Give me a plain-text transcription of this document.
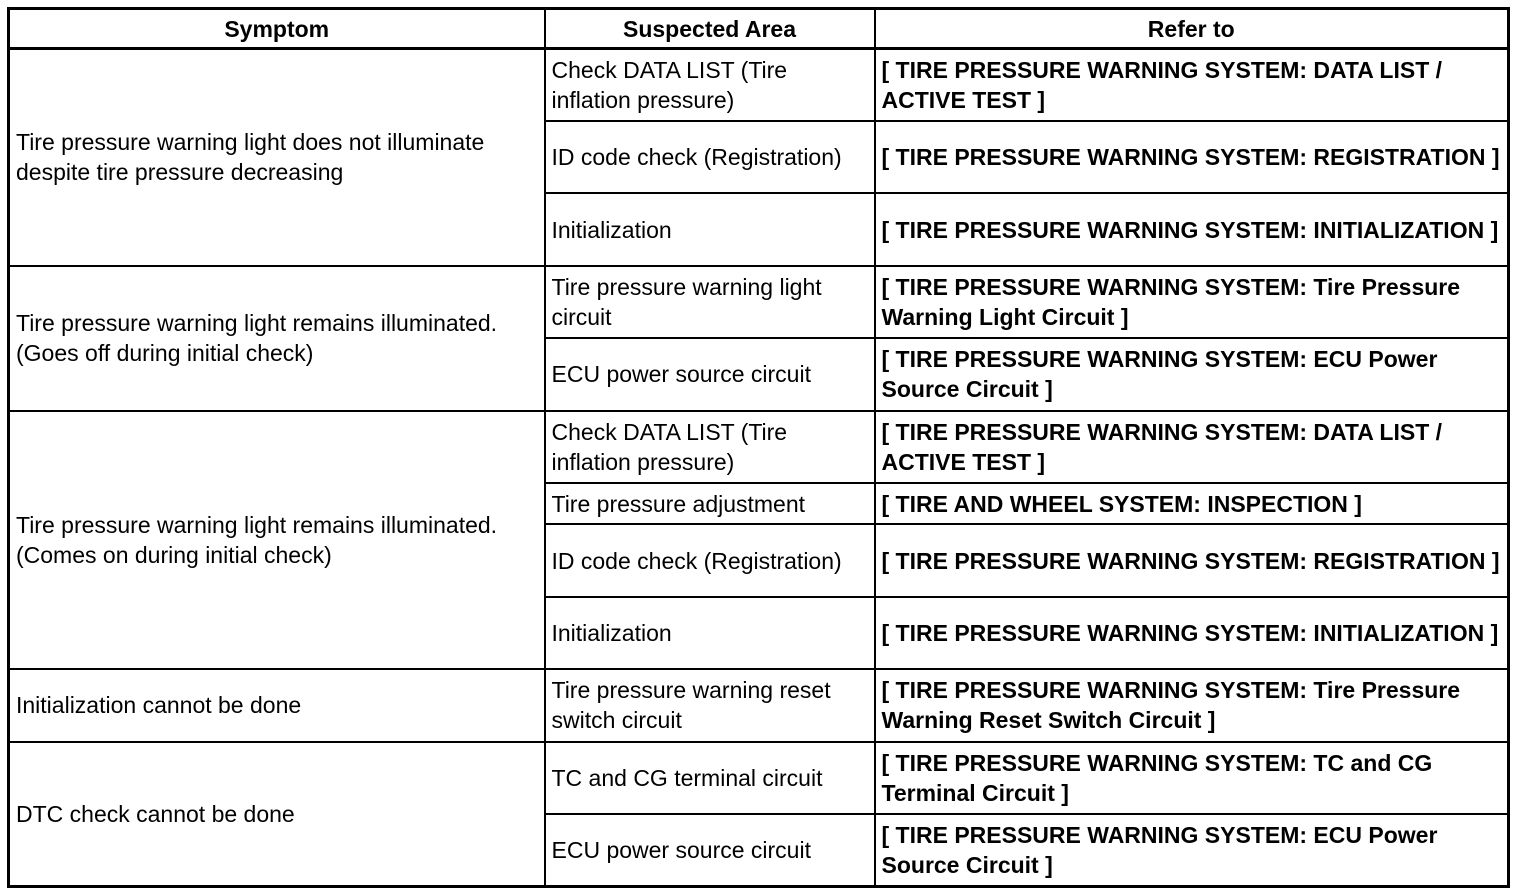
Symptom	Suspected Area	Refer to
Tire pressure warning light does not illuminate despite tire pressure decreasing	Check DATA LIST (Tire inflation pressure)	[ TIRE PRESSURE WARNING SYSTEM: DATA LIST / ACTIVE TEST ]
	ID code check (Registration)	[ TIRE PRESSURE WARNING SYSTEM: REGISTRATION ]
	Initialization	[ TIRE PRESSURE WARNING SYSTEM: INITIALIZATION ]
Tire pressure warning light remains illuminated. (Goes off during initial check)	Tire pressure warning light circuit	[ TIRE PRESSURE WARNING SYSTEM: Tire Pressure Warning Light Circuit ]
	ECU power source circuit	[ TIRE PRESSURE WARNING SYSTEM: ECU Power Source Circuit ]
Tire pressure warning light remains illuminated. (Comes on during initial check)	Check DATA LIST (Tire inflation pressure)	[ TIRE PRESSURE WARNING SYSTEM: DATA LIST / ACTIVE TEST ]
	Tire pressure adjustment	[ TIRE AND WHEEL SYSTEM: INSPECTION ]
	ID code check (Registration)	[ TIRE PRESSURE WARNING SYSTEM: REGISTRATION ]
	Initialization	[ TIRE PRESSURE WARNING SYSTEM: INITIALIZATION ]
Initialization cannot be done	Tire pressure warning reset switch circuit	[ TIRE PRESSURE WARNING SYSTEM: Tire Pressure Warning Reset Switch Circuit ]
DTC check cannot be done	TC and CG terminal circuit	[ TIRE PRESSURE WARNING SYSTEM: TC and CG Terminal Circuit ]
	ECU power source circuit	[ TIRE PRESSURE WARNING SYSTEM: ECU Power Source Circuit ]
